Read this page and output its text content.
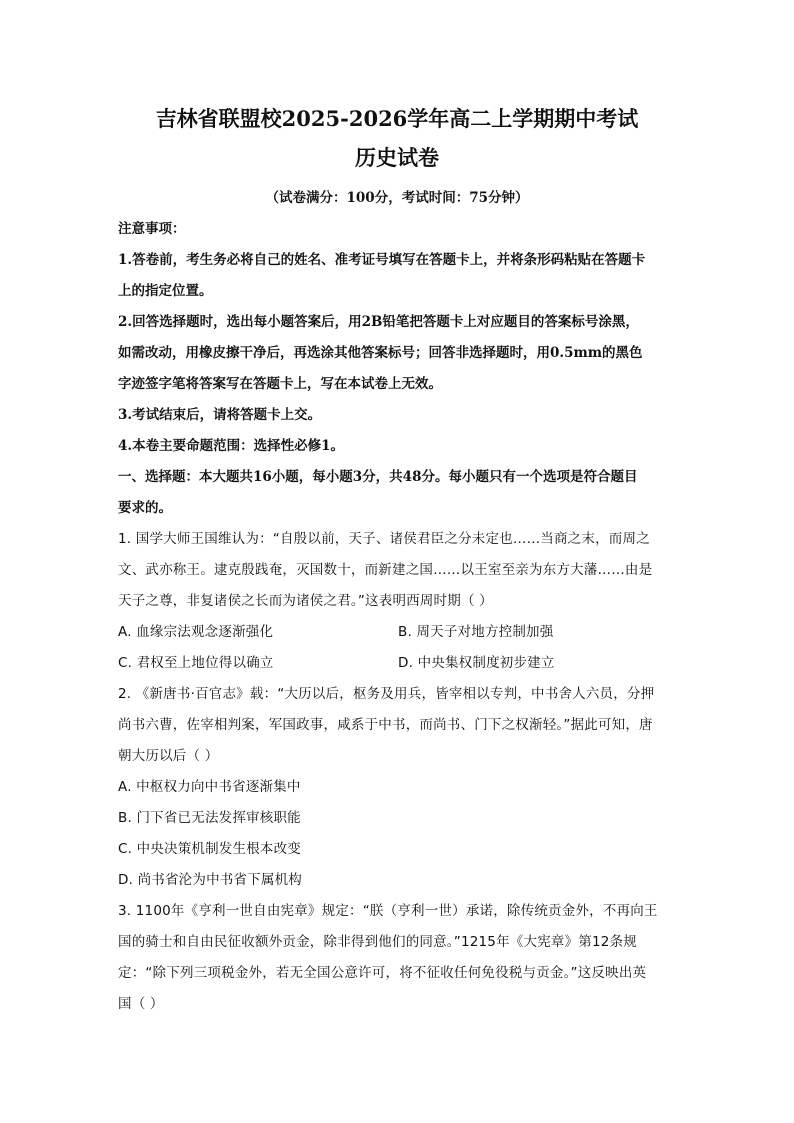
吉林省联盟校2025-2026学年高二上学期期中考试
历史试卷
（试卷满分：100分，考试时间：75分钟）
注意事项：
1.答卷前，考生务必将自己的姓名、准考证号填写在答题卡上，并将条形码粘贴在答题卡
上的指定位置。
2.回答选择题时，选出每小题答案后，用2B铅笔把答题卡上对应题目的答案标号涂黑，
如需改动，用橡皮擦干净后，再选涂其他答案标号；回答非选择题时，用0.5mm的黑色
字迹签字笔将答案写在答题卡上，写在本试卷上无效。
3.考试结束后，请将答题卡上交。
4.本卷主要命题范围：选择性必修1。
一、选择题：本大题共16小题，每小题3分，共48分。每小题只有一个选项是符合题目
要求的。
1. 国学大师王国维认为：“自殷以前，天子、诸侯君臣之分未定也……当商之末，而周之
文、武亦称王。逮克殷践奄，灭国数十，而新建之国……以王室至亲为东方大藩……由是
天子之尊，非复诸侯之长而为诸侯之君。”这表明西周时期（ ）
A. 血缘宗法观念逐渐强化	B. 周天子对地方控制加强
C. 君权至上地位得以确立	D. 中央集权制度初步建立
2. 《新唐书·百官志》载：“大历以后，枢务及用兵，皆宰相以专判，中书舍人六员，分押
尚书六曹，佐宰相判案，军国政事，咸系于中书，而尚书、门下之权渐轻。”据此可知，唐
朝大历以后（ ）
A. 中枢权力向中书省逐渐集中
B. 门下省已无法发挥审核职能
C. 中央决策机制发生根本改变
D. 尚书省沦为中书省下属机构
3. 1100年《亨利一世自由宪章》规定：“朕（亨利一世）承诺，除传统贡金外，不再向王
国的骑士和自由民征收额外贡金，除非得到他们的同意。”1215年《大宪章》第12条规
定：“除下列三项税金外，若无全国公意许可，将不征收任何免役税与贡金。”这反映出英
国（ ）
